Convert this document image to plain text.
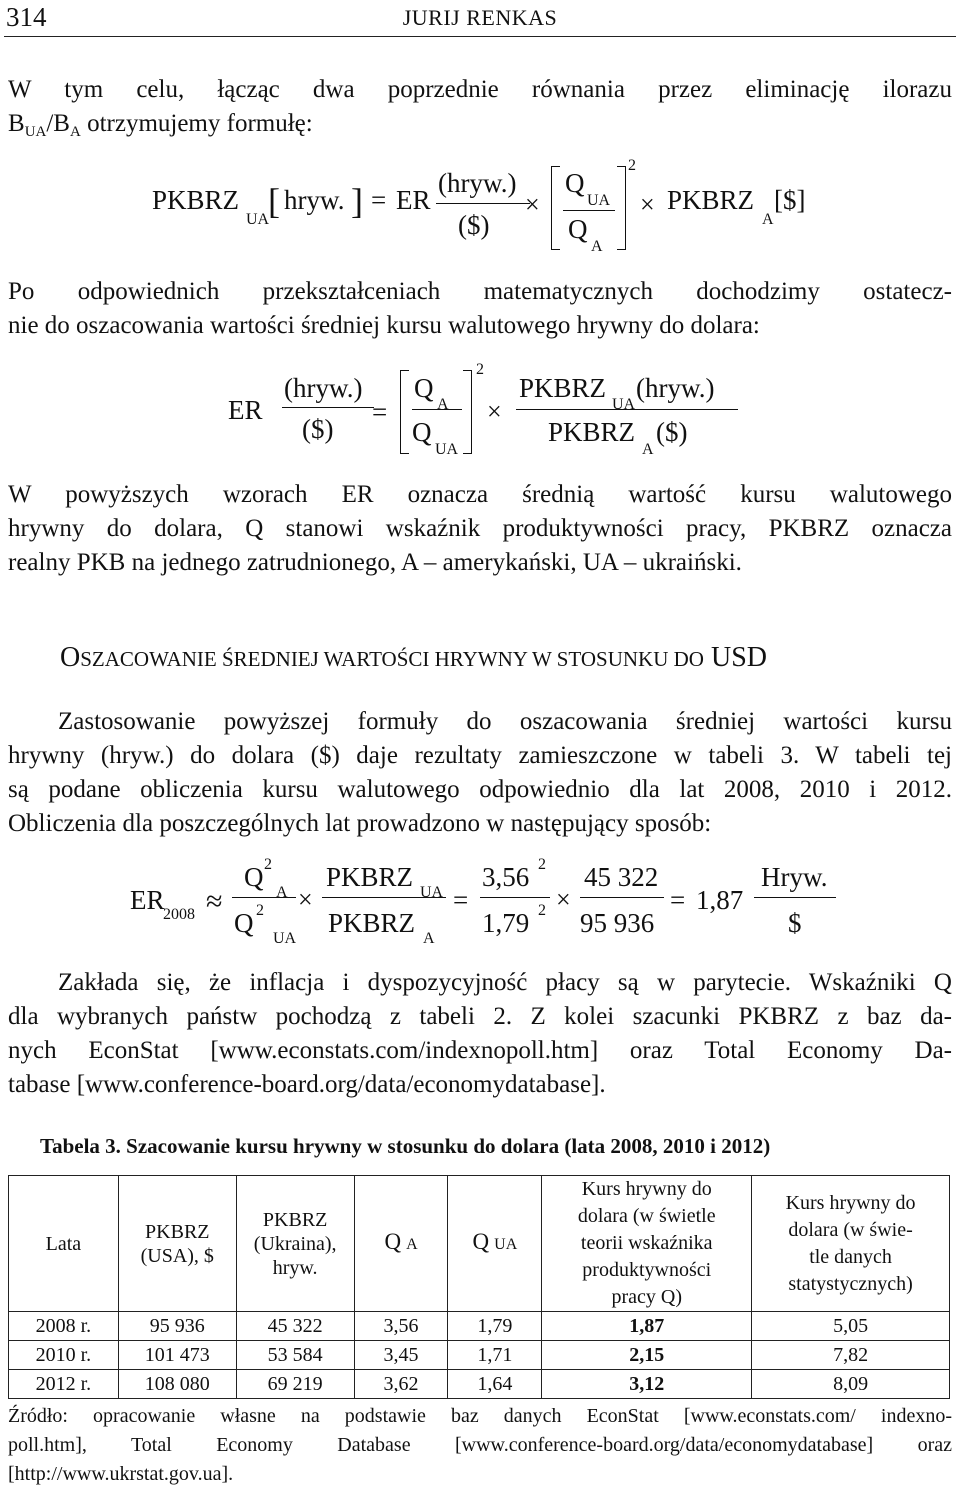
314	JURIJ RENKAS
W tym celu, łącząc dwa poprzednie równania przez eliminację ilorazu
$B_{UA}/B_A$ otrzymujemy formułę:
PKBRZ
UA
[ hryw. ] = ER
(hryw.)
($)
×
Q
UA
Q
A
2
× PKBRZ
A
[$]
Po odpowiednich przekształceniach matematycznych dochodzimy ostatecz-
nie do oszacowania wartości średniej kursu walutowego hrywny do dolara:
ER
(hryw.)
($)
=
Q
A
Q
UA
2
×
PKBRZ
UA
(hryw.)
PKBRZ
A
($)
W powyższych wzorach ER oznacza średnią wartość kursu walutowego
hrywny do dolara, Q stanowi wskaźnik produktywności pracy, PKBRZ oznacza
realny PKB na jednego zatrudnionego, A – amerykański, UA – ukraiński.
OSZACOWANIE ŚREDNIEJ WARTOŚCI HRYWNY W STOSUNKU DO USD
Zastosowanie powyższej formuły do oszacowania średniej wartości kursu
hrywny (hryw.) do dolara ($) daje rezultaty zamieszczone w tabeli 3. W tabeli tej
są podane obliczenia kursu walutowego odpowiednio dla lat 2008, 2010 i 2012.
Obliczenia dla poszczególnych lat prowadzono w następujący sposób:
ER
2008 ≈
Q 2
A
Q 2
UA
×
PKBRZ
UA
PKBRZ
A
=
3,56 2
1,79 2 ×
45 322
95 936
= 1,87
Hryw.
$
Zakłada się, że inflacja i dyspozycyjność płacy są w parytecie. Wskaźniki Q
dla wybranych państw pochodzą z tabeli 2. Z kolei szacunki PKBRZ z baz da-
nych EconStat [www.econstats.com/indexnopoll.htm] oraz Total Economy Da-
tabase [www.conference-board.org/data/economydatabase].
Tabela 3. Szacowanie kursu hrywny w stosunku do dolara (lata 2008, 2010 i 2012)
Lata	PKBRZ
(USA), $	PKBRZ
(Ukraina),
hryw.	Q A	Q UA	Kurs hrywny do
dolara (w świetle
teorii wskaźnika
produktywności
pracy Q)	Kurs hrywny do
dolara (w świe-
tle danych
statystycznych)
2008 r.	95 936	45 322	3,56	1,79	1,87	5,05
2010 r.	101 473	53 584	3,45	1,71	2,15	7,82
2012 r.	108 080	69 219	3,62	1,64	3,12	8,09
Źródło: opracowanie własne na podstawie baz danych EconStat [www.econstats.com/ indexno-
poll.htm], Total Economy Database [www.conference-board.org/data/economydatabase] oraz
[http://www.ukrstat.gov.ua].
